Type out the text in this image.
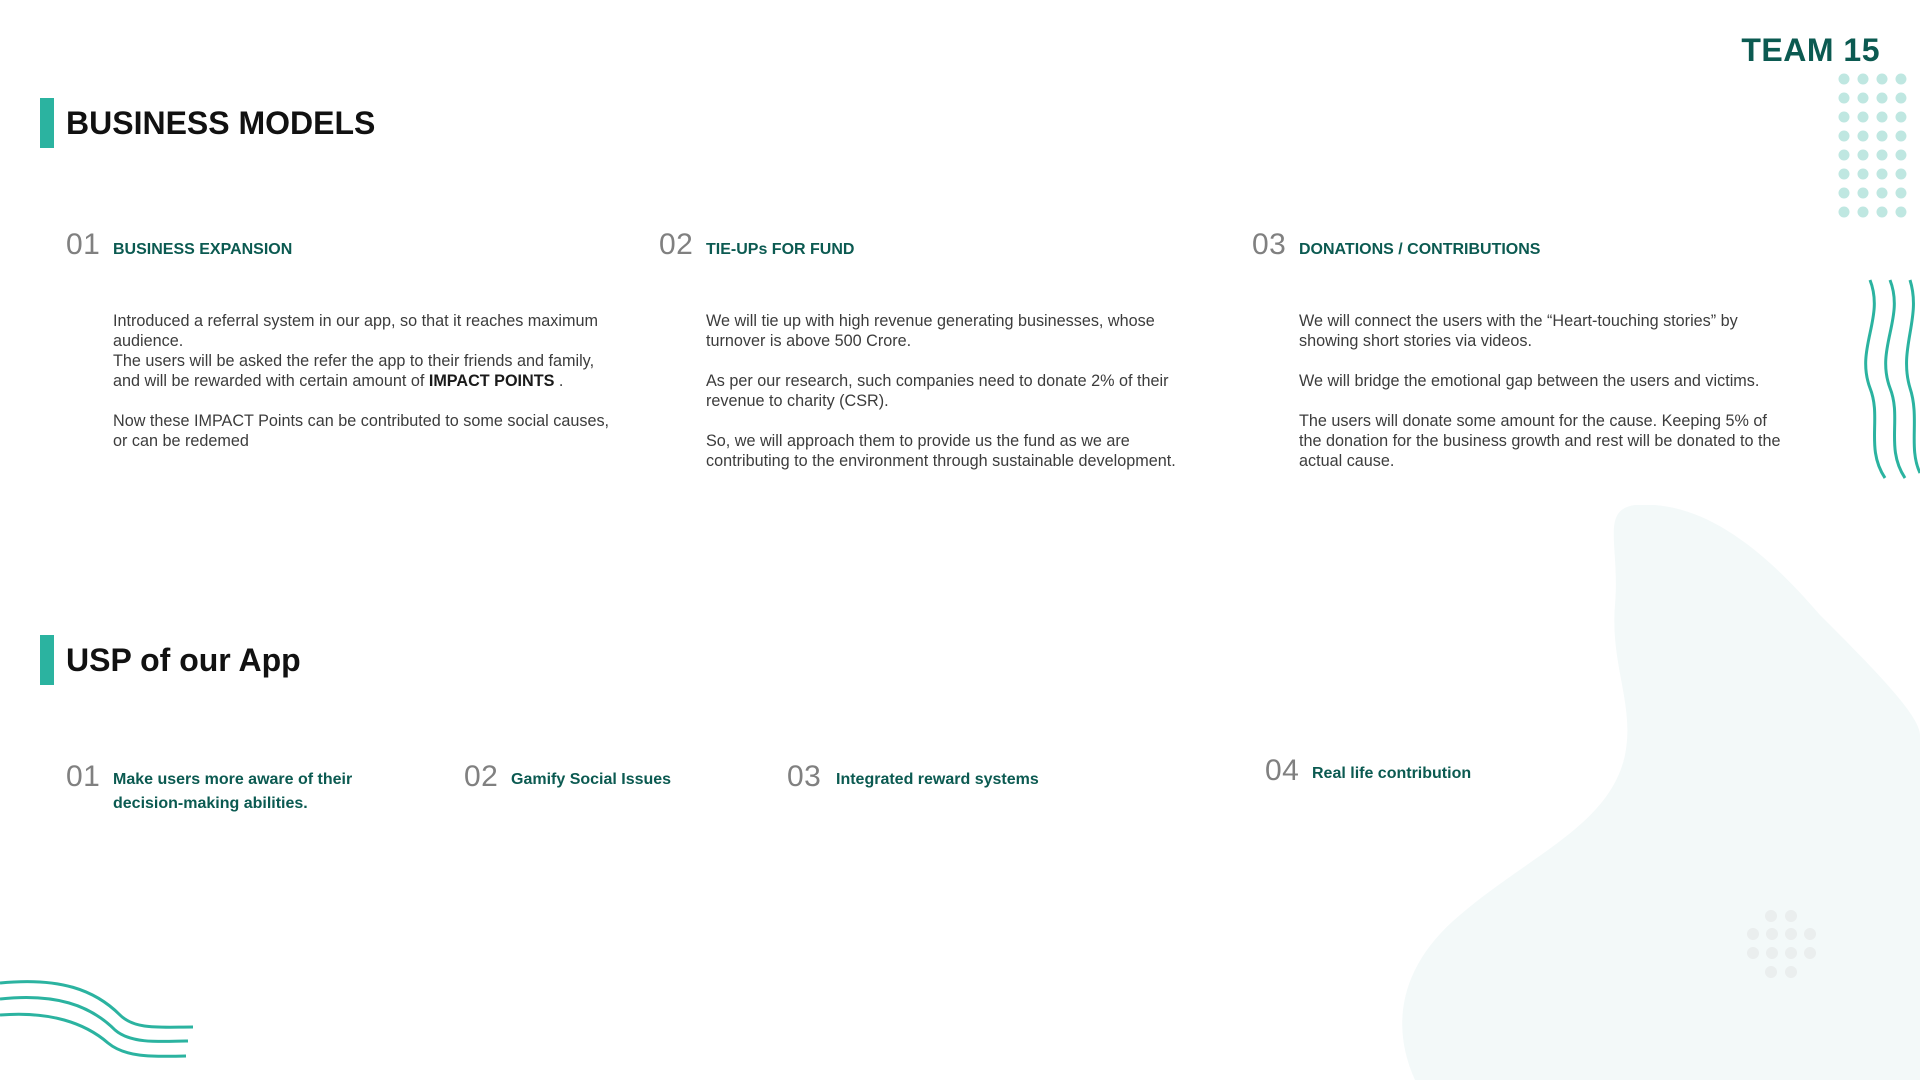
TEAM 15
BUSINESS MODELS
01 BUSINESS EXPANSION

Introduced a referral system in our app, so that it reaches maximum audience.

The users will be asked the refer the app to their friends and family, and will be rewarded with certain amount of IMPACT POINTS .

Now these IMPACT Points can be contributed to some social causes, or can be redemed

02 TIE-UPs FOR FUND

We will tie up with high revenue generating businesses, whose turnover is above 500 Crore.

As per our research, such companies need to donate 2% of their revenue to charity (CSR).

So, we will approach them to provide us the fund as we are contributing to the environment through sustainable development.

03 DONATIONS / CONTRIBUTIONS

We will connect the users with the “Heart-touching stories” by showing short stories via videos.

We will bridge the emotional gap between the users and victims.

The users will donate some amount for the cause. Keeping 5% of the donation for the business growth and rest will be donated to the actual cause.

USP of our App
01 Make users more aware of their decision-making abilities.
02 Gamify Social Issues	03 Integrated reward systems	04 Real life contribution
